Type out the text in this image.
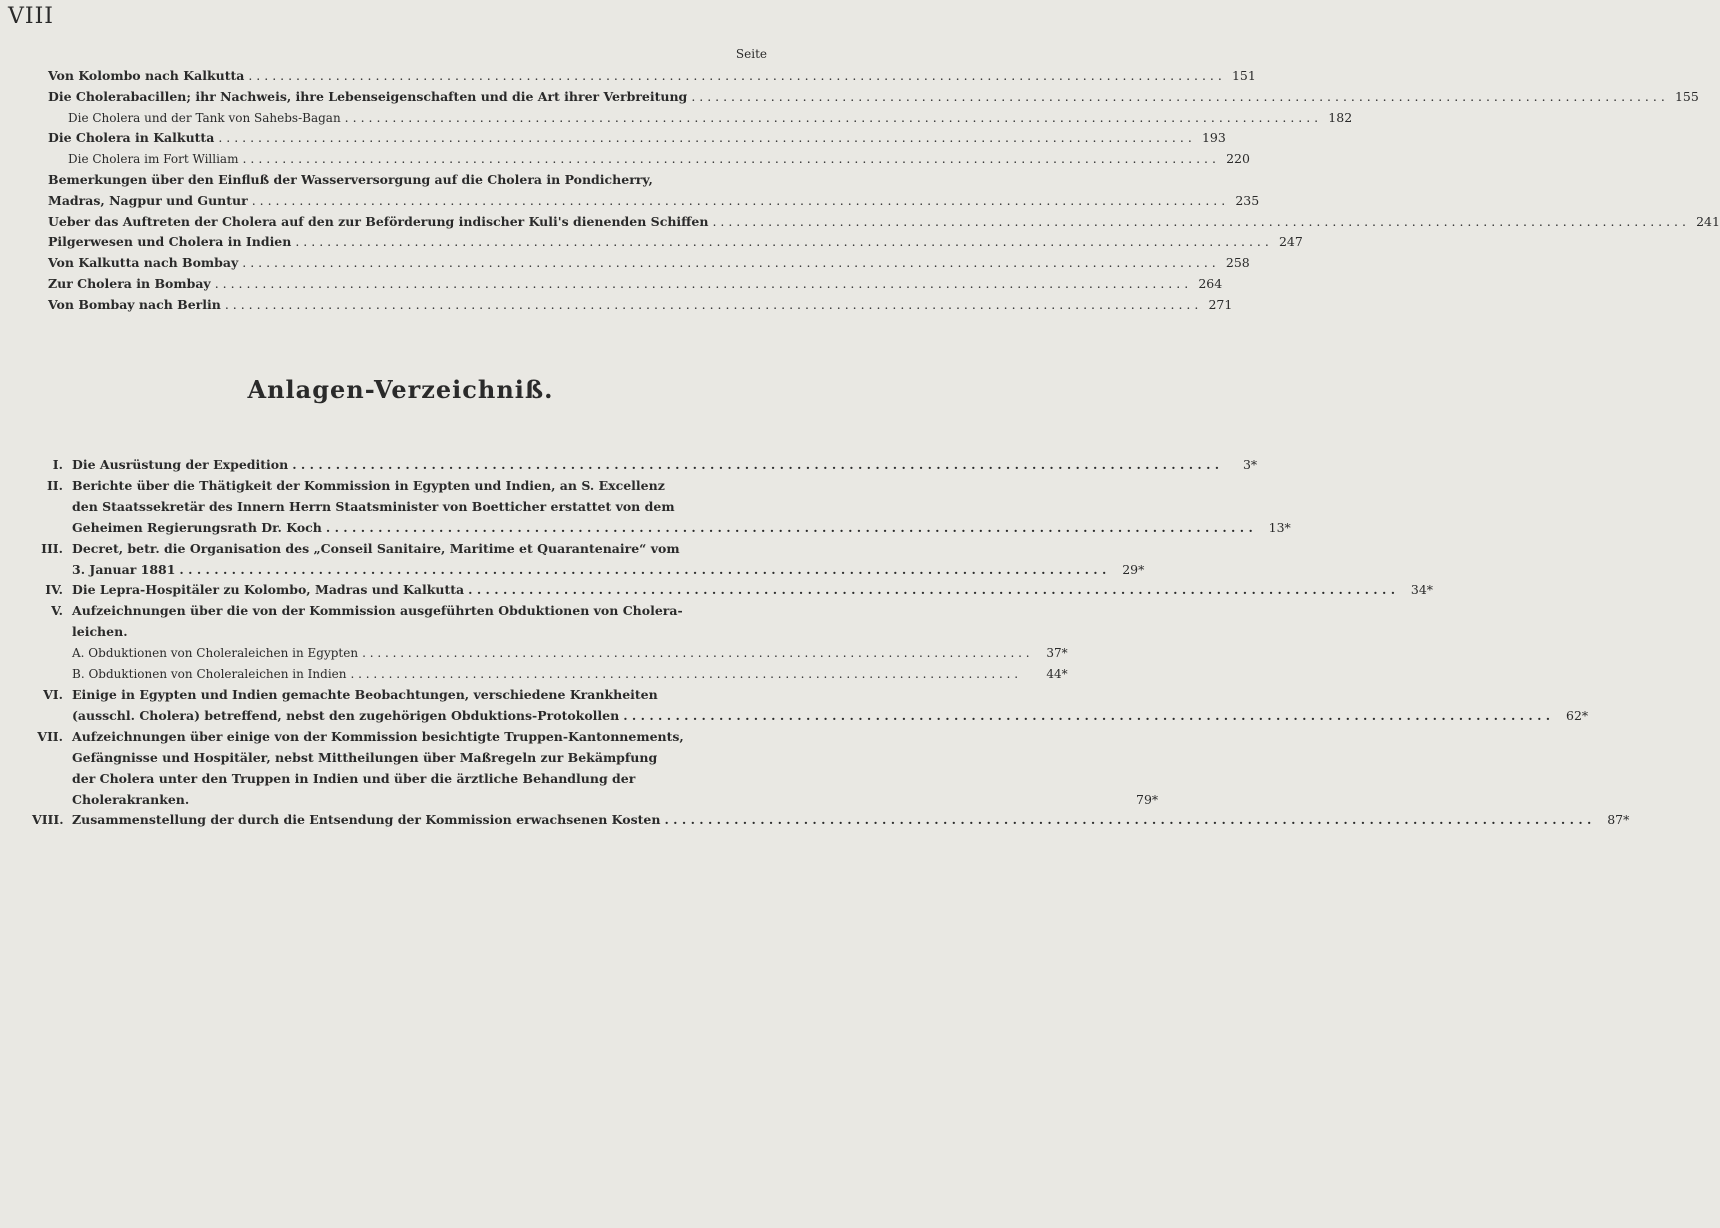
VIII
Seite
Von Kolombo nach Kalkutta . . .	151
Die Cholerabacillen; ihr Nachweis, ihre Lebenseigenschaften und die Art ihrer Verbreitung . . .	155
Die Cholera und der Tank von Sahebs-Bagan . . .	182
Die Cholera in Kalkutta . . .	193
Die Cholera im Fort William . . .	220
Bemerkungen über den Einfluß der Wasserversorgung auf die Cholera in Pondicherry,
Madras, Nagpur und Guntur . . .	235
Ueber das Auftreten der Cholera auf den zur Beförderung indischer Kuli's dienenden Schiffen . . .	241
Pilgerwesen und Cholera in Indien . . .	247
Von Kalkutta nach Bombay . . .	258
Zur Cholera in Bombay . . .	264
Von Bombay nach Berlin . . .	271
Anlagen-Verzeichniß.
I. Die Ausrüstung der Expedition . . .	3*
II. Berichte über die Thätigkeit der Kommission in Egypten und Indien, an S. Excellenz
den Staatssekretär des Innern Herrn Staatsminister von Boetticher erstattet von dem
Geheimen Regierungsrath Dr. Koch . . .	13*
III. Decret, betr. die Organisation des „Conseil Sanitaire, Maritime et Quarantenaire“ vom
3. Januar 1881 . . .	29*
IV. Die Lepra-Hospitäler zu Kolombo, Madras und Kalkutta . . .	34*
V. Aufzeichnungen über die von der Kommission ausgeführten Obduktionen von Cholera-
leichen.
A. Obduktionen von Choleraleichen in Egypten . . .	37*
B. Obduktionen von Choleraleichen in Indien . . .	44*
VI. Einige in Egypten und Indien gemachte Beobachtungen, verschiedene Krankheiten
(ausschl. Cholera) betreffend, nebst den zugehörigen Obduktions-Protokollen . . .	62*
VII. Aufzeichnungen über einige von der Kommission besichtigte Truppen-Kantonnements,
Gefängnisse und Hospitäler, nebst Mittheilungen über Maßregeln zur Bekämpfung
der Cholera unter den Truppen in Indien und über die ärztliche Behandlung der
Cholerakranken.	79*
VIII. Zusammenstellung der durch die Entsendung der Kommission erwachsenen Kosten . . .	87*
